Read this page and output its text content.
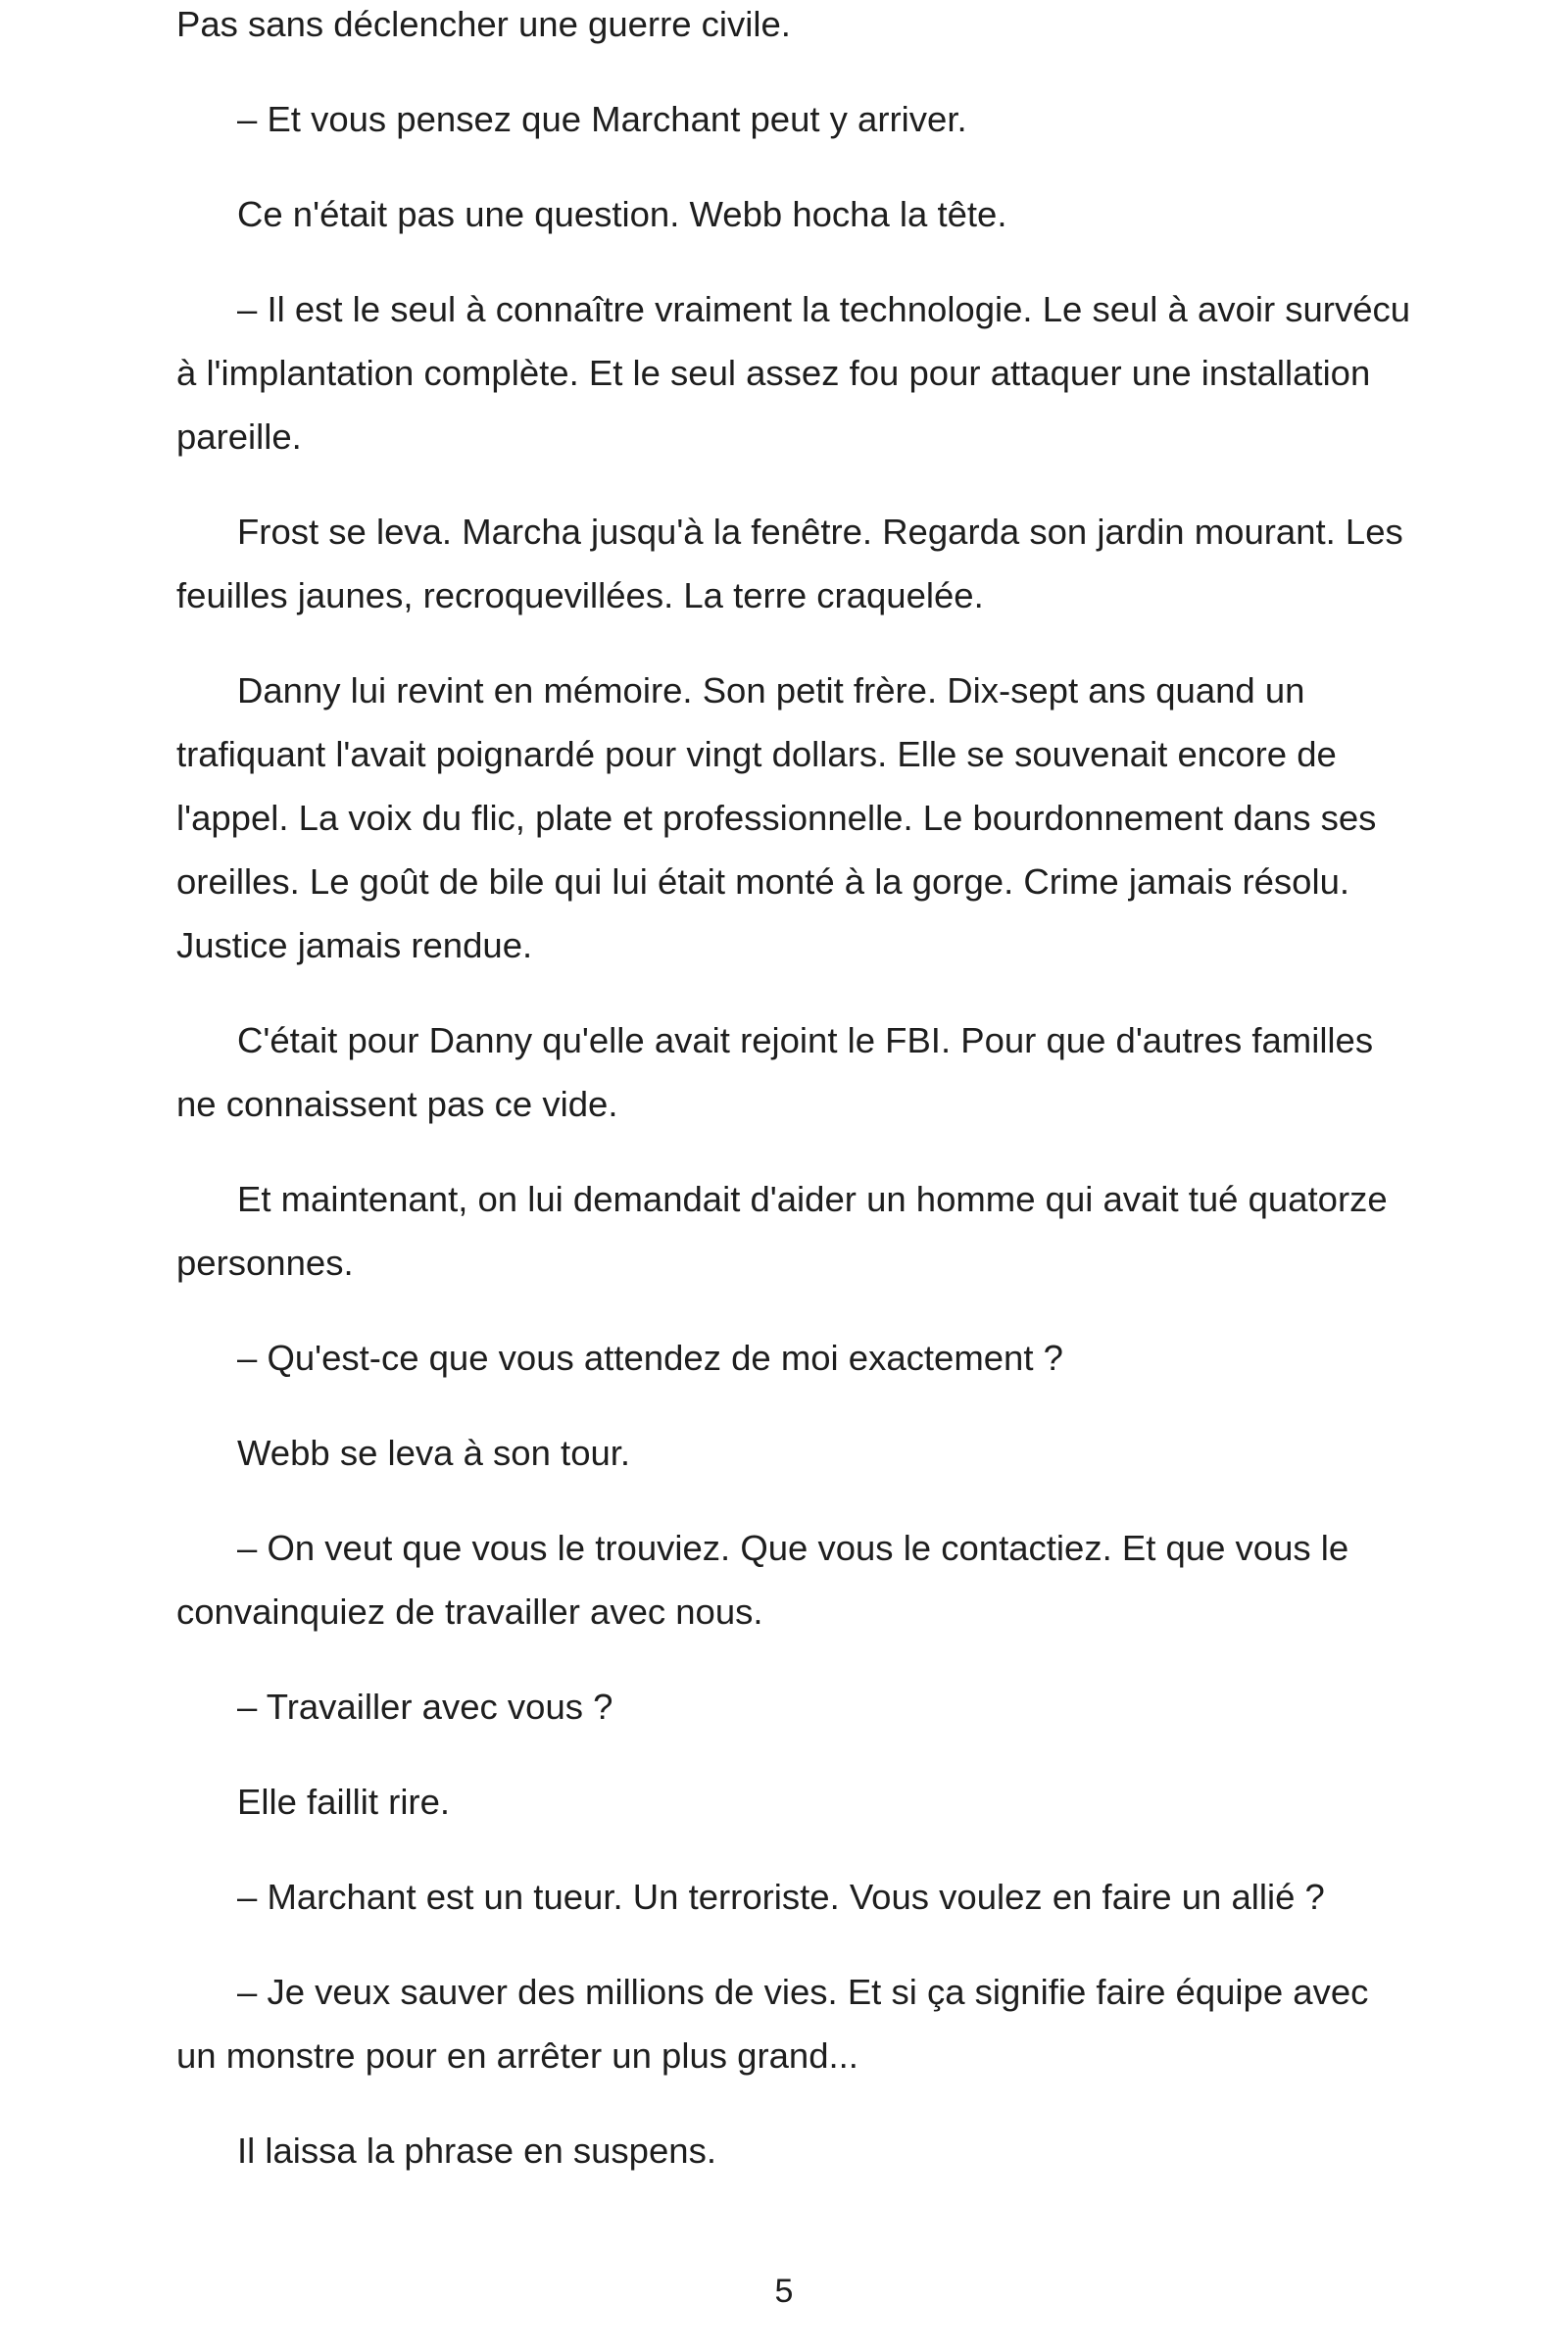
Pas sans déclencher une guerre civile.

– Et vous pensez que Marchant peut y arriver.

Ce n'était pas une question. Webb hocha la tête.

– Il est le seul à connaître vraiment la technologie. Le seul à avoir survécu à l'implantation complète. Et le seul assez fou pour attaquer une installation pareille.

Frost se leva. Marcha jusqu'à la fenêtre. Regarda son jardin mourant. Les feuilles jaunes, recroquevillées. La terre craquelée.

Danny lui revint en mémoire. Son petit frère. Dix-sept ans quand un trafiquant l'avait poignardé pour vingt dollars. Elle se souvenait encore de l'appel. La voix du flic, plate et professionnelle. Le bourdonnement dans ses oreilles. Le goût de bile qui lui était monté à la gorge. Crime jamais résolu. Justice jamais rendue.

C'était pour Danny qu'elle avait rejoint le FBI. Pour que d'autres familles ne connaissent pas ce vide.

Et maintenant, on lui demandait d'aider un homme qui avait tué quatorze personnes.

– Qu'est-ce que vous attendez de moi exactement ?

Webb se leva à son tour.

– On veut que vous le trouviez. Que vous le contactiez. Et que vous le convainquiez de travailler avec nous.

– Travailler avec vous ?

Elle faillit rire.

– Marchant est un tueur. Un terroriste. Vous voulez en faire un allié ?

– Je veux sauver des millions de vies. Et si ça signifie faire équipe avec un monstre pour en arrêter un plus grand...

Il laissa la phrase en suspens.

5
